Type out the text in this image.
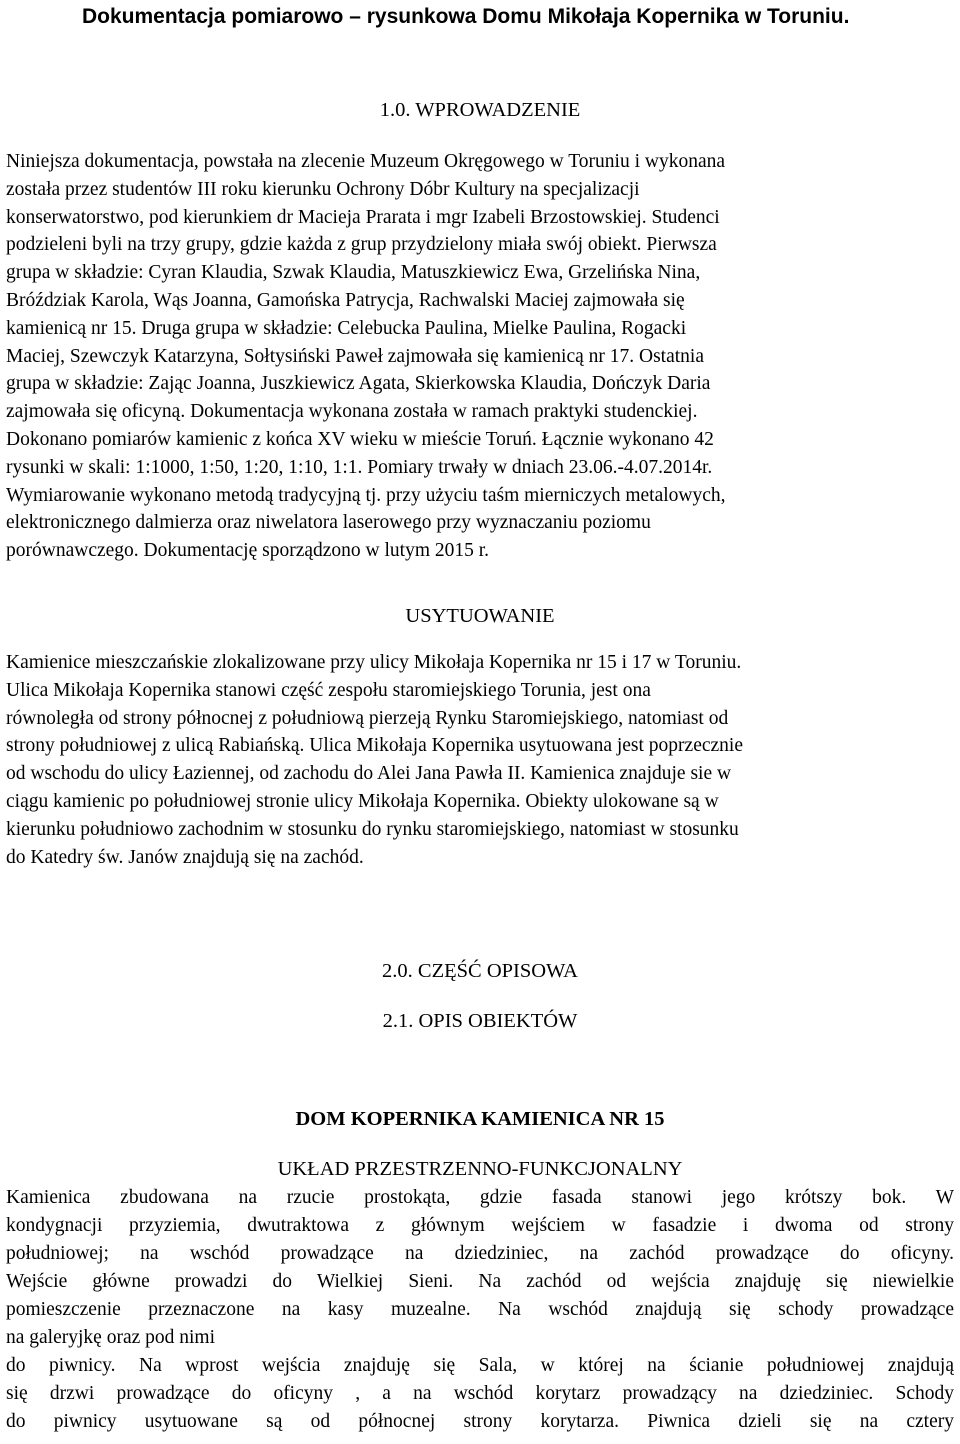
Dokumentacja pomiarowo – rysunkowa Domu Mikołaja Kopernika w Toruniu.
1.0. WPROWADZENIE

Niniejsza dokumentacja, powstała na zlecenie Muzeum Okręgowego w Toruniu i wykonana
została przez studentów III roku kierunku Ochrony Dóbr Kultury na specjalizacji
konserwatorstwo, pod kierunkiem dr Macieja Prarata i mgr Izabeli Brzostowskiej. Studenci
podzieleni byli na trzy grupy, gdzie każda z grup przydzielony miała swój obiekt. Pierwsza
grupa w składzie: Cyran Klaudia, Szwak Klaudia, Matuszkiewicz Ewa, Grzelińska Nina,
Bróździak Karola, Wąs Joanna, Gamońska Patrycja, Rachwalski Maciej zajmowała się
kamienicą nr 15. Druga grupa w składzie: Celebucka Paulina, Mielke Paulina, Rogacki
Maciej, Szewczyk Katarzyna, Sołtysiński Paweł zajmowała się kamienicą nr 17. Ostatnia
grupa w składzie: Zając Joanna, Juszkiewicz Agata, Skierkowska Klaudia, Dończyk Daria
zajmowała się oficyną. Dokumentacja wykonana została w ramach praktyki studenckiej.
Dokonano pomiarów kamienic z końca XV wieku w mieście Toruń. Łącznie wykonano 42
rysunki w skali: 1:1000, 1:50, 1:20, 1:10, 1:1. Pomiary trwały w dniach 23.06.-4.07.2014r.
Wymiarowanie wykonano metodą tradycyjną tj. przy użyciu taśm mierniczych metalowych,
elektronicznego dalmierza oraz niwelatora laserowego przy wyznaczaniu poziomu
porównawczego. Dokumentację sporządzono w lutym 2015 r.

USYTUOWANIE

Kamienice mieszczańskie zlokalizowane przy ulicy Mikołaja Kopernika nr 15 i 17 w Toruniu.
Ulica Mikołaja Kopernika stanowi część zespołu staromiejskiego Torunia, jest ona
równoległa od strony północnej z południową pierzeją Rynku Staromiejskiego, natomiast od
strony południowej z ulicą Rabiańską. Ulica Mikołaja Kopernika usytuowana jest poprzecznie
od wschodu do ulicy Łaziennej, od zachodu do Alei Jana Pawła II. Kamienica znajduje sie w
ciągu kamienic po południowej stronie ulicy Mikołaja Kopernika. Obiekty ulokowane są w
kierunku południowo zachodnim w stosunku do rynku staromiejskiego, natomiast w stosunku
do Katedry św. Janów znajdują się na zachód.

2.0. CZĘŚĆ OPISOWA
2.1. OPIS OBIEKTÓW
DOM KOPERNIKA KAMIENICA NR 15
UKŁAD PRZESTRZENNO-FUNKCJONALNY

Kamienica zbudowana na rzucie prostokąta, gdzie fasada stanowi jego krótszy bok. W
kondygnacji przyziemia, dwutraktowa z głównym wejściem w fasadzie i dwoma od strony
południowej; na wschód prowadzące na dziedziniec, na zachód prowadzące do oficyny.
Wejście główne prowadzi do Wielkiej Sieni. Na zachód od wejścia znajduję się niewielkie
pomieszczenie przeznaczone na kasy muzealne. Na wschód znajdują się schody prowadzące
na galeryjkę oraz pod nimi
do piwnicy. Na wprost wejścia znajduję się Sala, w której na ścianie południowej znajdują
się drzwi prowadzące do oficyny , a na wschód korytarz prowadzący na dziedziniec. Schody
do piwnicy usytuowane są od północnej strony korytarza. Piwnica dzieli się na cztery
